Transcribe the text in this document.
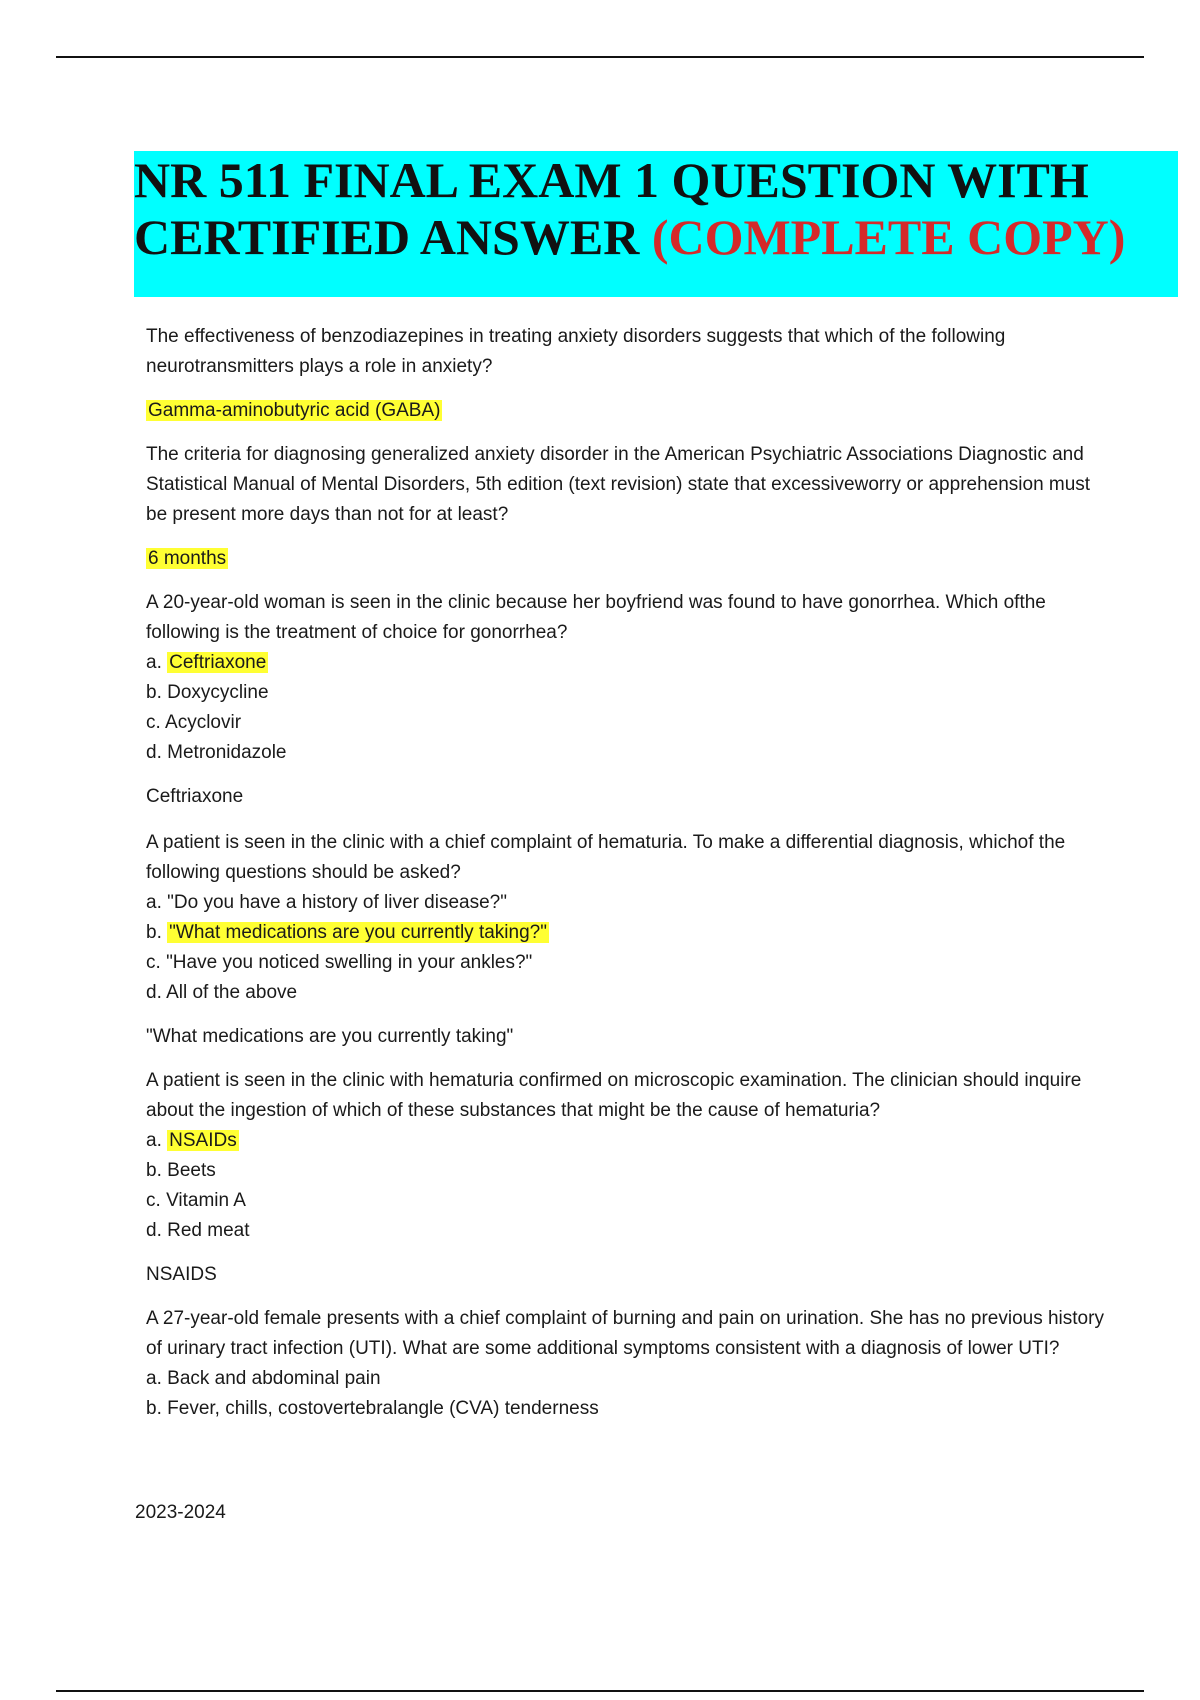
NR 511 FINAL EXAM 1 QUESTION WITH
CERTIFIED ANSWER (COMPLETE COPY)

The effectiveness of benzodiazepines in treating anxiety disorders suggests that which of the following neurotransmitters plays a role in anxiety?

Gamma-aminobutyric acid (GABA)

The criteria for diagnosing generalized anxiety disorder in the American Psychiatric Associations Diagnostic and Statistical Manual of Mental Disorders, 5th edition (text revision) state that excessiveworry or apprehension must be present more days than not for at least?

6 months

A 20-year-old woman is seen in the clinic because her boyfriend was found to have gonorrhea. Which ofthe following is the treatment of choice for gonorrhea?

a. Ceftriaxone

b. Doxycycline

c. Acyclovir

d. Metronidazole

Ceftriaxone

A patient is seen in the clinic with a chief complaint of hematuria. To make a differential diagnosis, whichof the following questions should be asked?

a. "Do you have a history of liver disease?"

b. "What medications are you currently taking?"

c. "Have you noticed swelling in your ankles?"

d. All of the above

"What medications are you currently taking"

A patient is seen in the clinic with hematuria confirmed on microscopic examination. The clinician should inquire about the ingestion of which of these substances that might be the cause of hematuria?

a. NSAIDs

b. Beets

c. Vitamin A

d. Red meat

NSAIDS

A 27-year-old female presents with a chief complaint of burning and pain on urination. She has no previous history of urinary tract infection (UTI). What are some additional symptoms consistent with a diagnosis of lower UTI?

a. Back and abdominal pain

b. Fever, chills, costovertebralangle (CVA) tenderness

2023-2024
